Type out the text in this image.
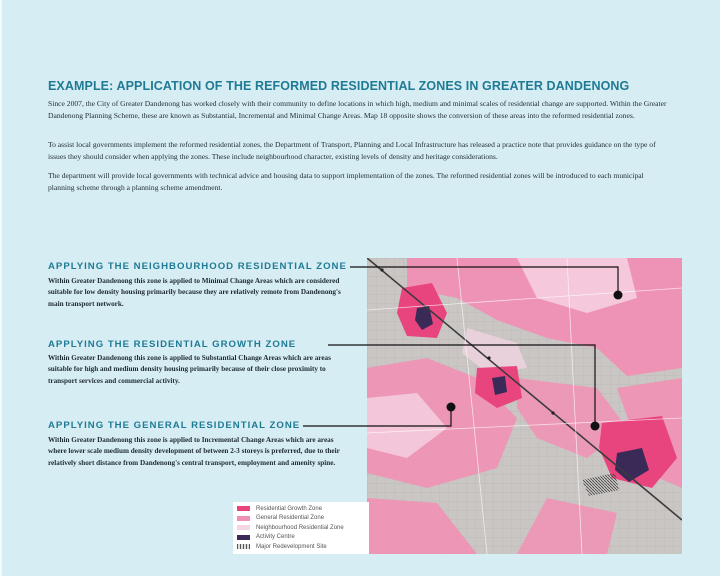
EXAMPLE: APPLICATION OF THE REFORMED RESIDENTIAL ZONES IN GREATER DANDENONG

Since 2007, the City of Greater Dandenong has worked closely with their community to define locations in which high, medium and minimal scales of residential change are supported. Within the Greater Dandenong Planning Scheme, these are known as Substantial, Incremental and Minimal Change Areas. Map 18 opposite shows the conversion of these areas into the reformed residential zones.

To assist local governments implement the reformed residential zones, the Department of Transport, Planning and Local Infrastructure has released a practice note that provides guidance on the type of issues they should consider when applying the zones. These include neighbourhood character, existing levels of density and heritage considerations.

The department will provide local governments with technical advice and housing data to support implementation of the zones. The reformed residential zones will be introduced to each municipal planning scheme through a planning scheme amendment.

APPLYING THE NEIGHBOURHOOD RESIDENTIAL ZONE

Within Greater Dandenong this zone is applied to Minimal Change Areas which are considered suitable for low density housing primarily because they are relatively remote from Dandenong's main transport network.

APPLYING THE RESIDENTIAL GROWTH ZONE

Within Greater Dandenong this zone is applied to Substantial Change Areas which are areas suitable for high and medium density housing primarily because of their close proximity to transport services and commercial activity.

APPLYING THE GENERAL RESIDENTIAL ZONE

Within Greater Dandenong this zone is applied to Incremental Change Areas which are areas where lower scale medium density development of between 2-3 storeys is preferred, due to their relatively short distance from Dandenong's central transport, employment and amenity spine.

Residential Growth Zone
General Residential Zone
Neighbourhood Residential Zone
Activity Centre
Major Redevelopment Site
